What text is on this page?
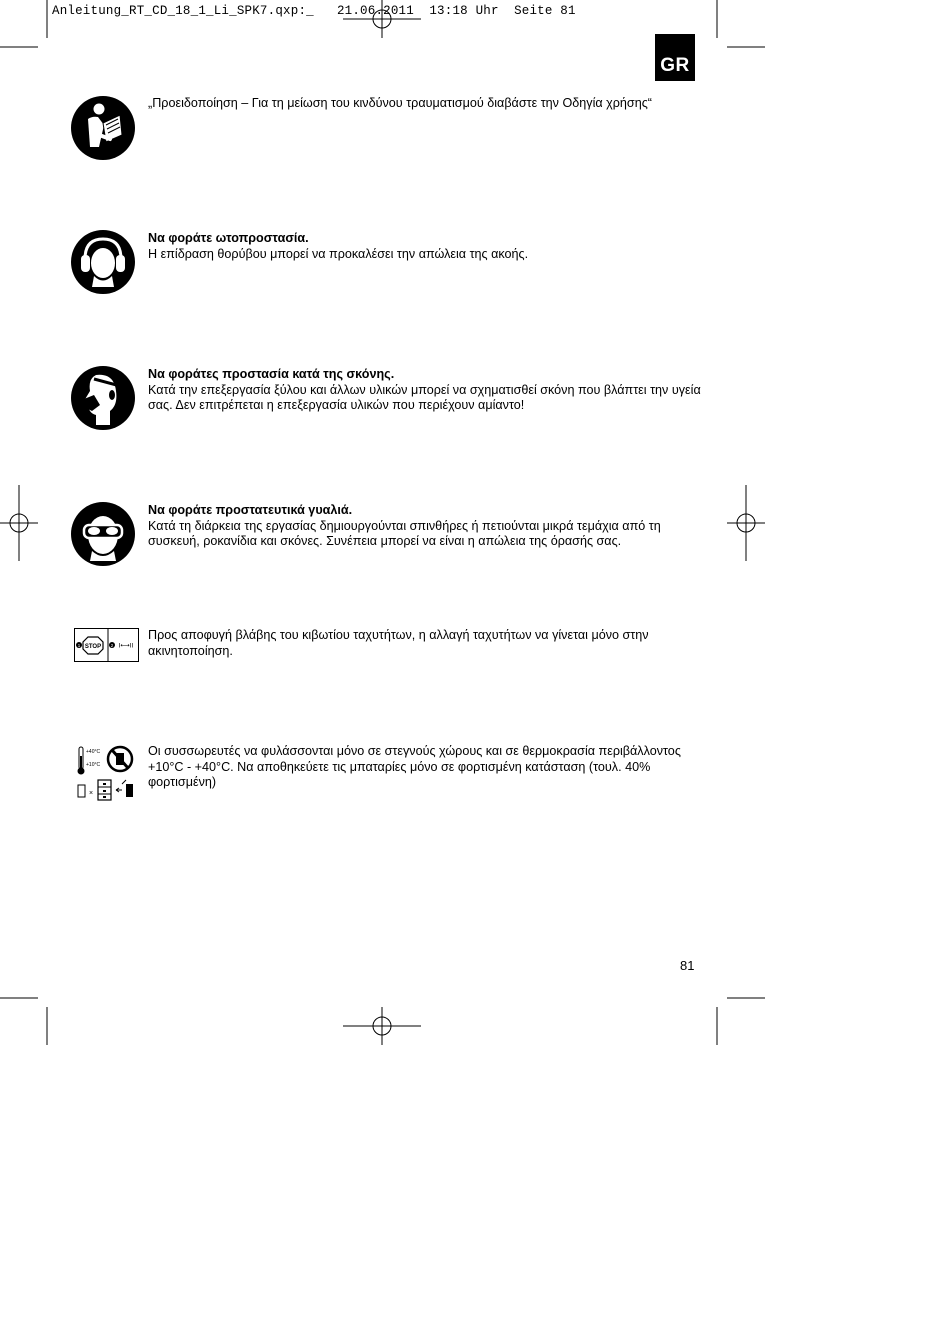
Anleitung_RT_CD_18_1_Li_SPK7.qxp:_   21.06.2011  13:18 Uhr  Seite 81
GR
„Προειδοποίηση – Για τη μείωση του κινδύνου τραυματισμού διαβάστε την Οδηγία χρήσης“
Να φοράτε ωτοπροστασία.
Η επίδραση θορύβου μπορεί να προκαλέσει την απώλεια της ακοής.
Να φοράτες προστασία κατά της σκόνης.
Κατά την επεξεργασία ξύλου και άλλων υλικών μπορεί να σχηματισθεί σκόνη που βλάπτει την υγεία σας. Δεν επιτρέπεται η επεξεργασία υλικών που περιέχουν αμίαντο!
Να φοράτε προστατευτικά γυαλιά.
Κατά τη διάρκεια της εργασίας δημιουργούνται σπινθήρες ή πετιούνται μικρά τεμάχια από τη συσκευή, ροκανίδια και σκόνες. Συνέπεια μπορεί να είναι η απώλεια της όρασής σας.
1 STOP 2 I⟷II
Προς αποφυγή βλάβης του κιβωτίου ταχυτήτων, η αλλαγή ταχυτήτων να γίνεται μόνο στην ακινητοποίηση.
+40°C
+10°C
×
Οι συσσωρευτές να φυλάσσονται μόνο σε στεγνούς χώρους και σε θερμοκρασία περιβάλλοντος +10°C - +40°C. Να αποθηκεύετε τις μπαταρίες μόνο σε φορτισμένη κατάσταση (τουλ. 40% φορτισμένη)
81
